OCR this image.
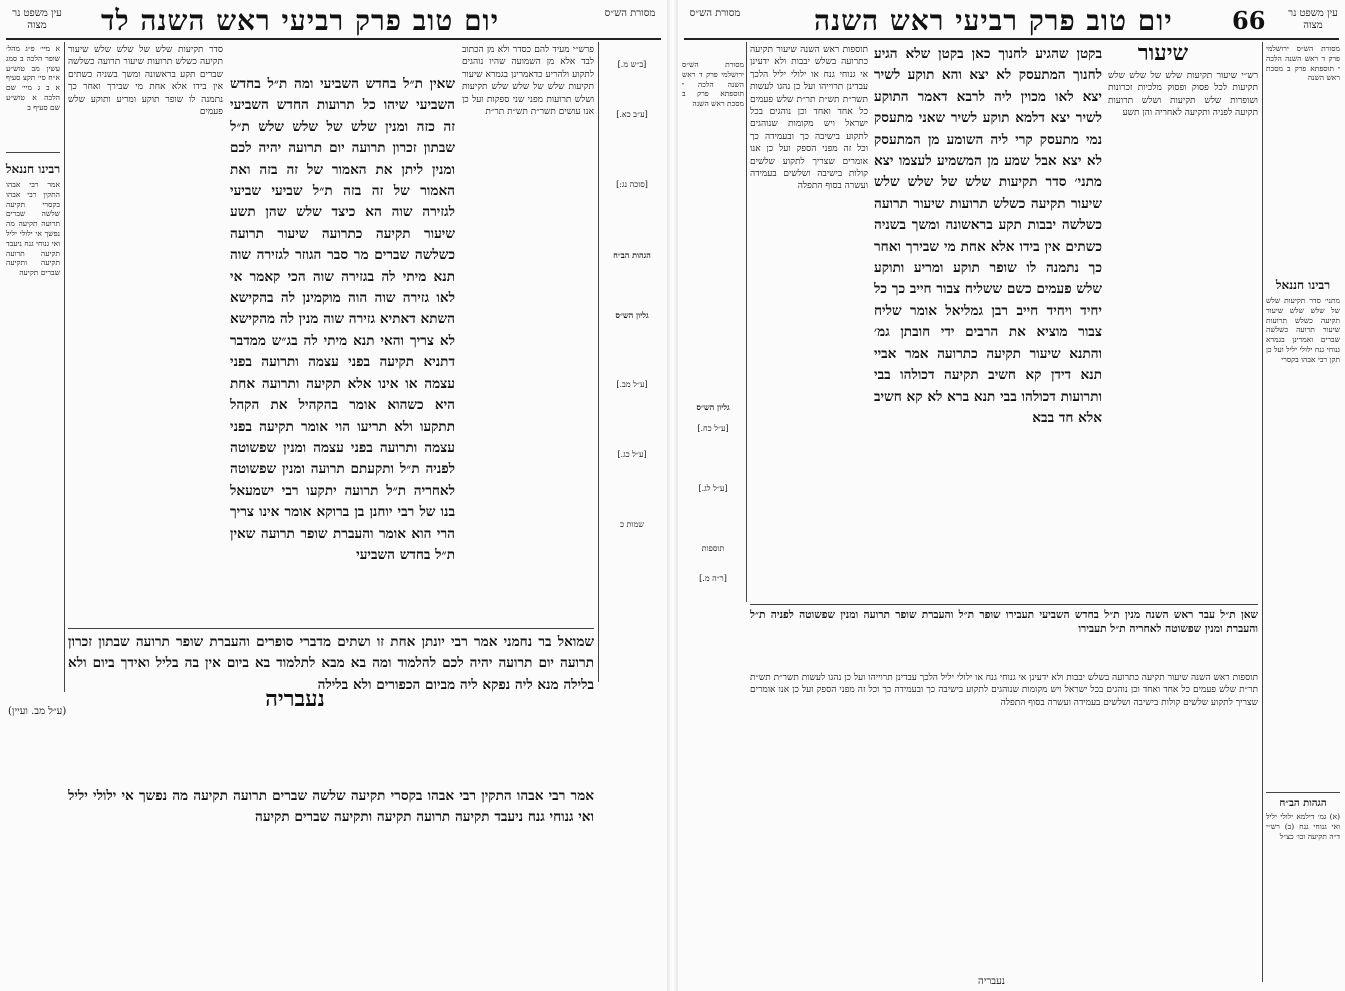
עין משפט נר מצוה	יום טוב פרק רביעי ראש השנה לד	מסורת הש״ס
א מיי׳ פ״ג מהל׳ שופר הלכה ב סמג עשין מב טוש״ע א״ח סי׳ תקצ סעיף א ב ג מיי׳ שם הלכה א טוש״ע שם סעיף ב
רבינו חננאל
אמר רבי אבהו התקין רבי אבהו בקסרי תקיעה שלשה שברים תרועה תקיעה מה נפשך אי ילולי יליל ואי גנוחי גנח ניעבד תקיעה תרועה תקיעה ותקיעה שברים תקיעה
סדר תקיעות שלש של שלש שלש שיעור תקיעה כשלש תרועות שיעור תרועה כשלשה שברים תקע בראשונה ומשך בשניה כשתים אין בידו אלא אחת מי שבירך ואחר כך נתמנה לו שופר תוקע ומריע ותוקע שלש פעמים
שאין ת״ל בחדש השביעי ומה ת״ל בחדש השביעי שיהו כל תרועות החדש השביעי זה כזה ומנין שלש של שלש שלש ת״ל שבתון זכרון תרועה יום תרועה יהיה לכם ומנין ליתן את האמור של זה בזה ואת האמור של זה בזה ת״ל שביעי שביעי לגזירה שוה הא כיצד שלש שהן תשע שיעור תקיעה כתרועה שיעור תרועה כשלשה שברים מר סבר הגוזר לגזירה שוה תנא מיתי לה בגזירה שוה הכי קאמר אי לאו גזירה שוה הוה מוקמינן לה בהקישא השתא דאתיא גזירה שוה מנין לה מהקישא לא צריך והאי תנא מיתי לה בג״ש ממדבר דתניא תקיעה בפני עצמה ותרועה בפני עצמה או אינו אלא תקיעה ותרועה אחת היא כשהוא אומר בהקהיל את הקהל תתקעו ולא תריעו הוי אומר תקיעה בפני עצמה ותרועה בפני עצמה ומנין שפשוטה לפניה ת״ל ותקעתם תרועה ומנין שפשוטה לאחריה ת״ל תרועה יתקעו רבי ישמעאל בנו של רבי יוחנן בן ברוקא אומר אינו צריך הרי הוא אומר והעברת שופר תרועה שאין ת״ל בחדש השביעי
פרש״י מעיד להם כסדר ולא מן הכתוב לבד אלא מן השמועה שהיו נוהגים לתקוע ולהריע כדאמרינן בגמרא שיעור תקיעות שלש של שלש שלש תקיעות ושלש תרועות מפני שני ספקות ועל כן אנו עושים תשר״ת תש״ת תר״ת
[ב״ש מ.]
[ע״ב כא.]
[סוכה נג:]
הגהות הב״ח
גליון הש״ס
[ע״ל מב.]
[ע״ל כג.]
שמות כ
שמואל בר נחמני אמר רבי יונתן אחת זו ושתים מדברי סופרים והעברת שופר תרועה שבתון זכרון תרועה יום תרועה יהיה לכם להלמוד ומה בא מבא לתלמוד בא ביום אין בה בליל ואידך ביום ולא בלילה מנא ליה נפקא ליה מביום הכפורים ולא בלילה
נעבריה
אמר רבי אבהו התקין רבי אבהו בקסרי תקיעה שלשה שברים תרועה תקיעה מה נפשך אי ילולי יליל ואי גנוחי גנח ניעבד תקיעה תרועה תקיעה ותקיעה שברים תקיעה
(ע״ל מב. ועיין)
מסורת הש״ס	יום טוב פרק רביעי ראש השנה 66	עין משפט נר מצוה
מסורת הש״ס ירושלמי פרק ד ראש השנה הלכה י תוספתא פרק ב מסכת ראש השנה
גליון הש״ס
[ע״ל כח.]
[ע״ל לג.]
תוספות
[ר״ה מ.]
תוספות ראש השנה שיעור תקיעה כתרועה בשלש יבבות ולא ידעינן אי גנוחי גנח או ילולי יליל הלכך עבדינן תרוייהו ועל כן נהגו לעשות תשר״ת תש״ת תר״ת שלש פעמים כל אחד ואחד וכן נוהגים בכל ישראל ויש מקומות שנוהגים לתקוע בישיבה כך ובעמידה כך וכל זה מפני הספק ועל כן אנו אומרים שצריך לתקוע שלשים קולות בישיבה ושלשים בעמידה ועשרה בסוף התפלה
בקטן שהגיע לחנוך כאן בקטן שלא הגיע לחנוך המתעסק לא יצא והא תוקע לשיר יצא לאו מכוין ליה לרבא דאמר התוקע לשיר יצא דלמא תוקע לשיר שאני מתעסק נמי מתעסק קרי ליה השומע מן המתעסק לא יצא אבל שמע מן המשמיע לעצמו יצא מתני׳ סדר תקיעות שלש של שלש שלש שיעור תקיעה כשלש תרועות שיעור תרועה כשלשה יבבות תקע בראשונה ומשך בשניה כשתים אין בידו אלא אחת מי שבירך ואחר כך נתמנה לו שופר תוקע ומריע ותוקע שלש פעמים כשם ששליח צבור חייב כך כל יחיד ויחיד חייב רבן גמליאל אומר שליח צבור מוציא את הרבים ידי חובתן גמ׳ והתנא שיעור תקיעה כתרועה אמר אביי תנא דידן קא חשיב תקיעה דכולהו בבי ותרועות דכולהו בבי תנא ברא לא קא חשיב אלא חד בבא
שיעור
רש״י שיעור תקיעות שלש של שלש שלש תקיעות לכל פסוק ופסוק מלכיות זכרונות ושופרות שלש תקיעות ושלש תרועות תקיעה לפניה ותקיעה לאחריה והן תשע
מסורת הש״ס ירושלמי פרק ד ראש השנה הלכה י תוספתא פרק ב מסכת ראש השנה
רבינו חננאל
מתני׳ סדר תקיעות שלש של שלש שלש שיעור תקיעה כשלש תרועות שיעור תרועה כשלשה שברים ואמרינן בגמרא גנוחי גנח ילולי יליל ועל כן תקן רבי אבהו בקסרי
הגהות הב״ח
(א) גמ׳ דילמא ילולי יליל ואי גנוחי גנח (ב) רש״י ד״ה תקיעה וכו׳ כצ״ל
שאן ת״ל עבר ראש השנה מנין ת״ל בחדש השביעי תעבירו שופר ת״ל והעברת שופר תרועה ומנין שפשוטה לפניה ת״ל והעברת ומנין שפשוטה לאחריה ת״ל תעבירו
תוספות ראש השנה שיעור תקיעה כתרועה בשלש יבבות ולא ידעינן אי גנוחי גנח או ילולי יליל הלכך עבדינן תרוייהו ועל כן נהגו לעשות תשר״ת תש״ת תר״ת שלש פעמים כל אחד ואחד וכן נוהגים בכל ישראל ויש מקומות שנוהגים לתקוע בישיבה כך ובעמידה כך וכל זה מפני הספק ועל כן אנו אומרים שצריך לתקוע שלשים קולות בישיבה ושלשים בעמידה ועשרה בסוף התפלה
נעבריה
